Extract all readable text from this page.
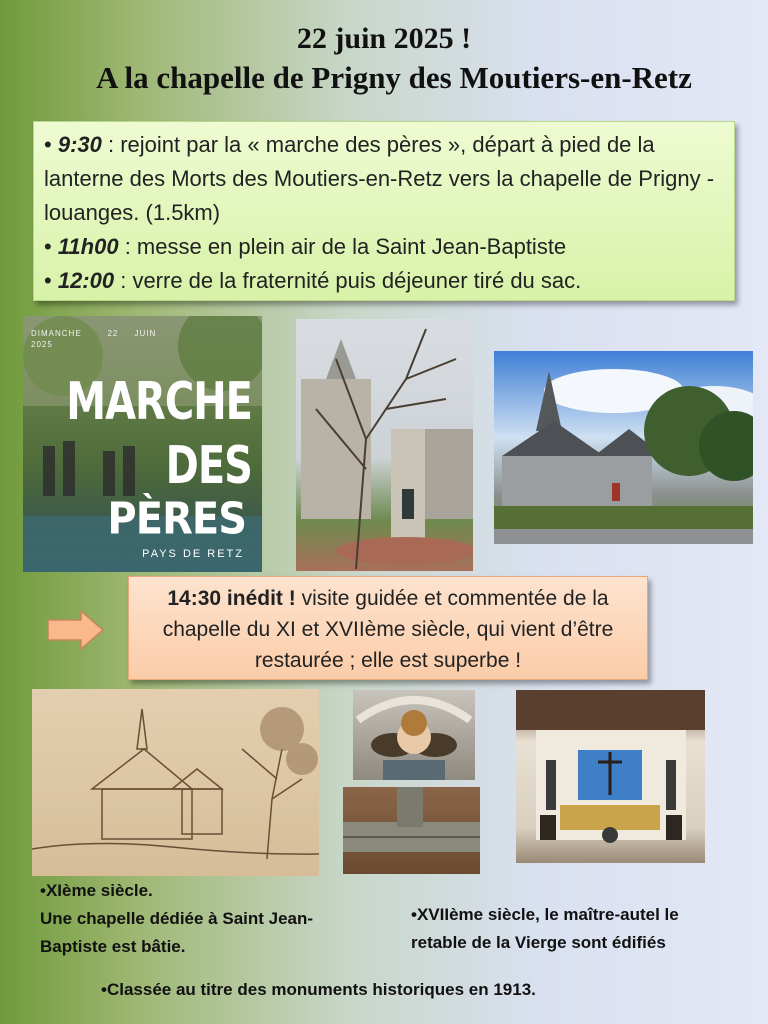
22 juin 2025 !
A la chapelle de Prigny des Moutiers-en-Retz

• 9:30 : rejoint par la « marche des pères », départ à pied de la lanterne des Morts des Moutiers-en-Retz vers la chapelle de Prigny - louanges. (1.5km)

• 11h00 : messe en plein air de la Saint Jean-Baptiste

• 12:00 : verre de la fraternité puis déjeuner tiré du sac.

DIMANCHE	22 JUIN
2025
MARCHE
DES
PÈRES
PAYS DE RETZ
14:30 inédit ! visite guidée et commentée de la chapelle du XI et XVIIème siècle, qui vient d’être restaurée ; elle est superbe !
•XIème siècle.
Une chapelle dédiée à Saint Jean-
Baptiste est bâtie.
•XVIIème siècle, le maître-autel le
retable de la Vierge sont édifiés
•Classée au titre des monuments historiques en 1913.
